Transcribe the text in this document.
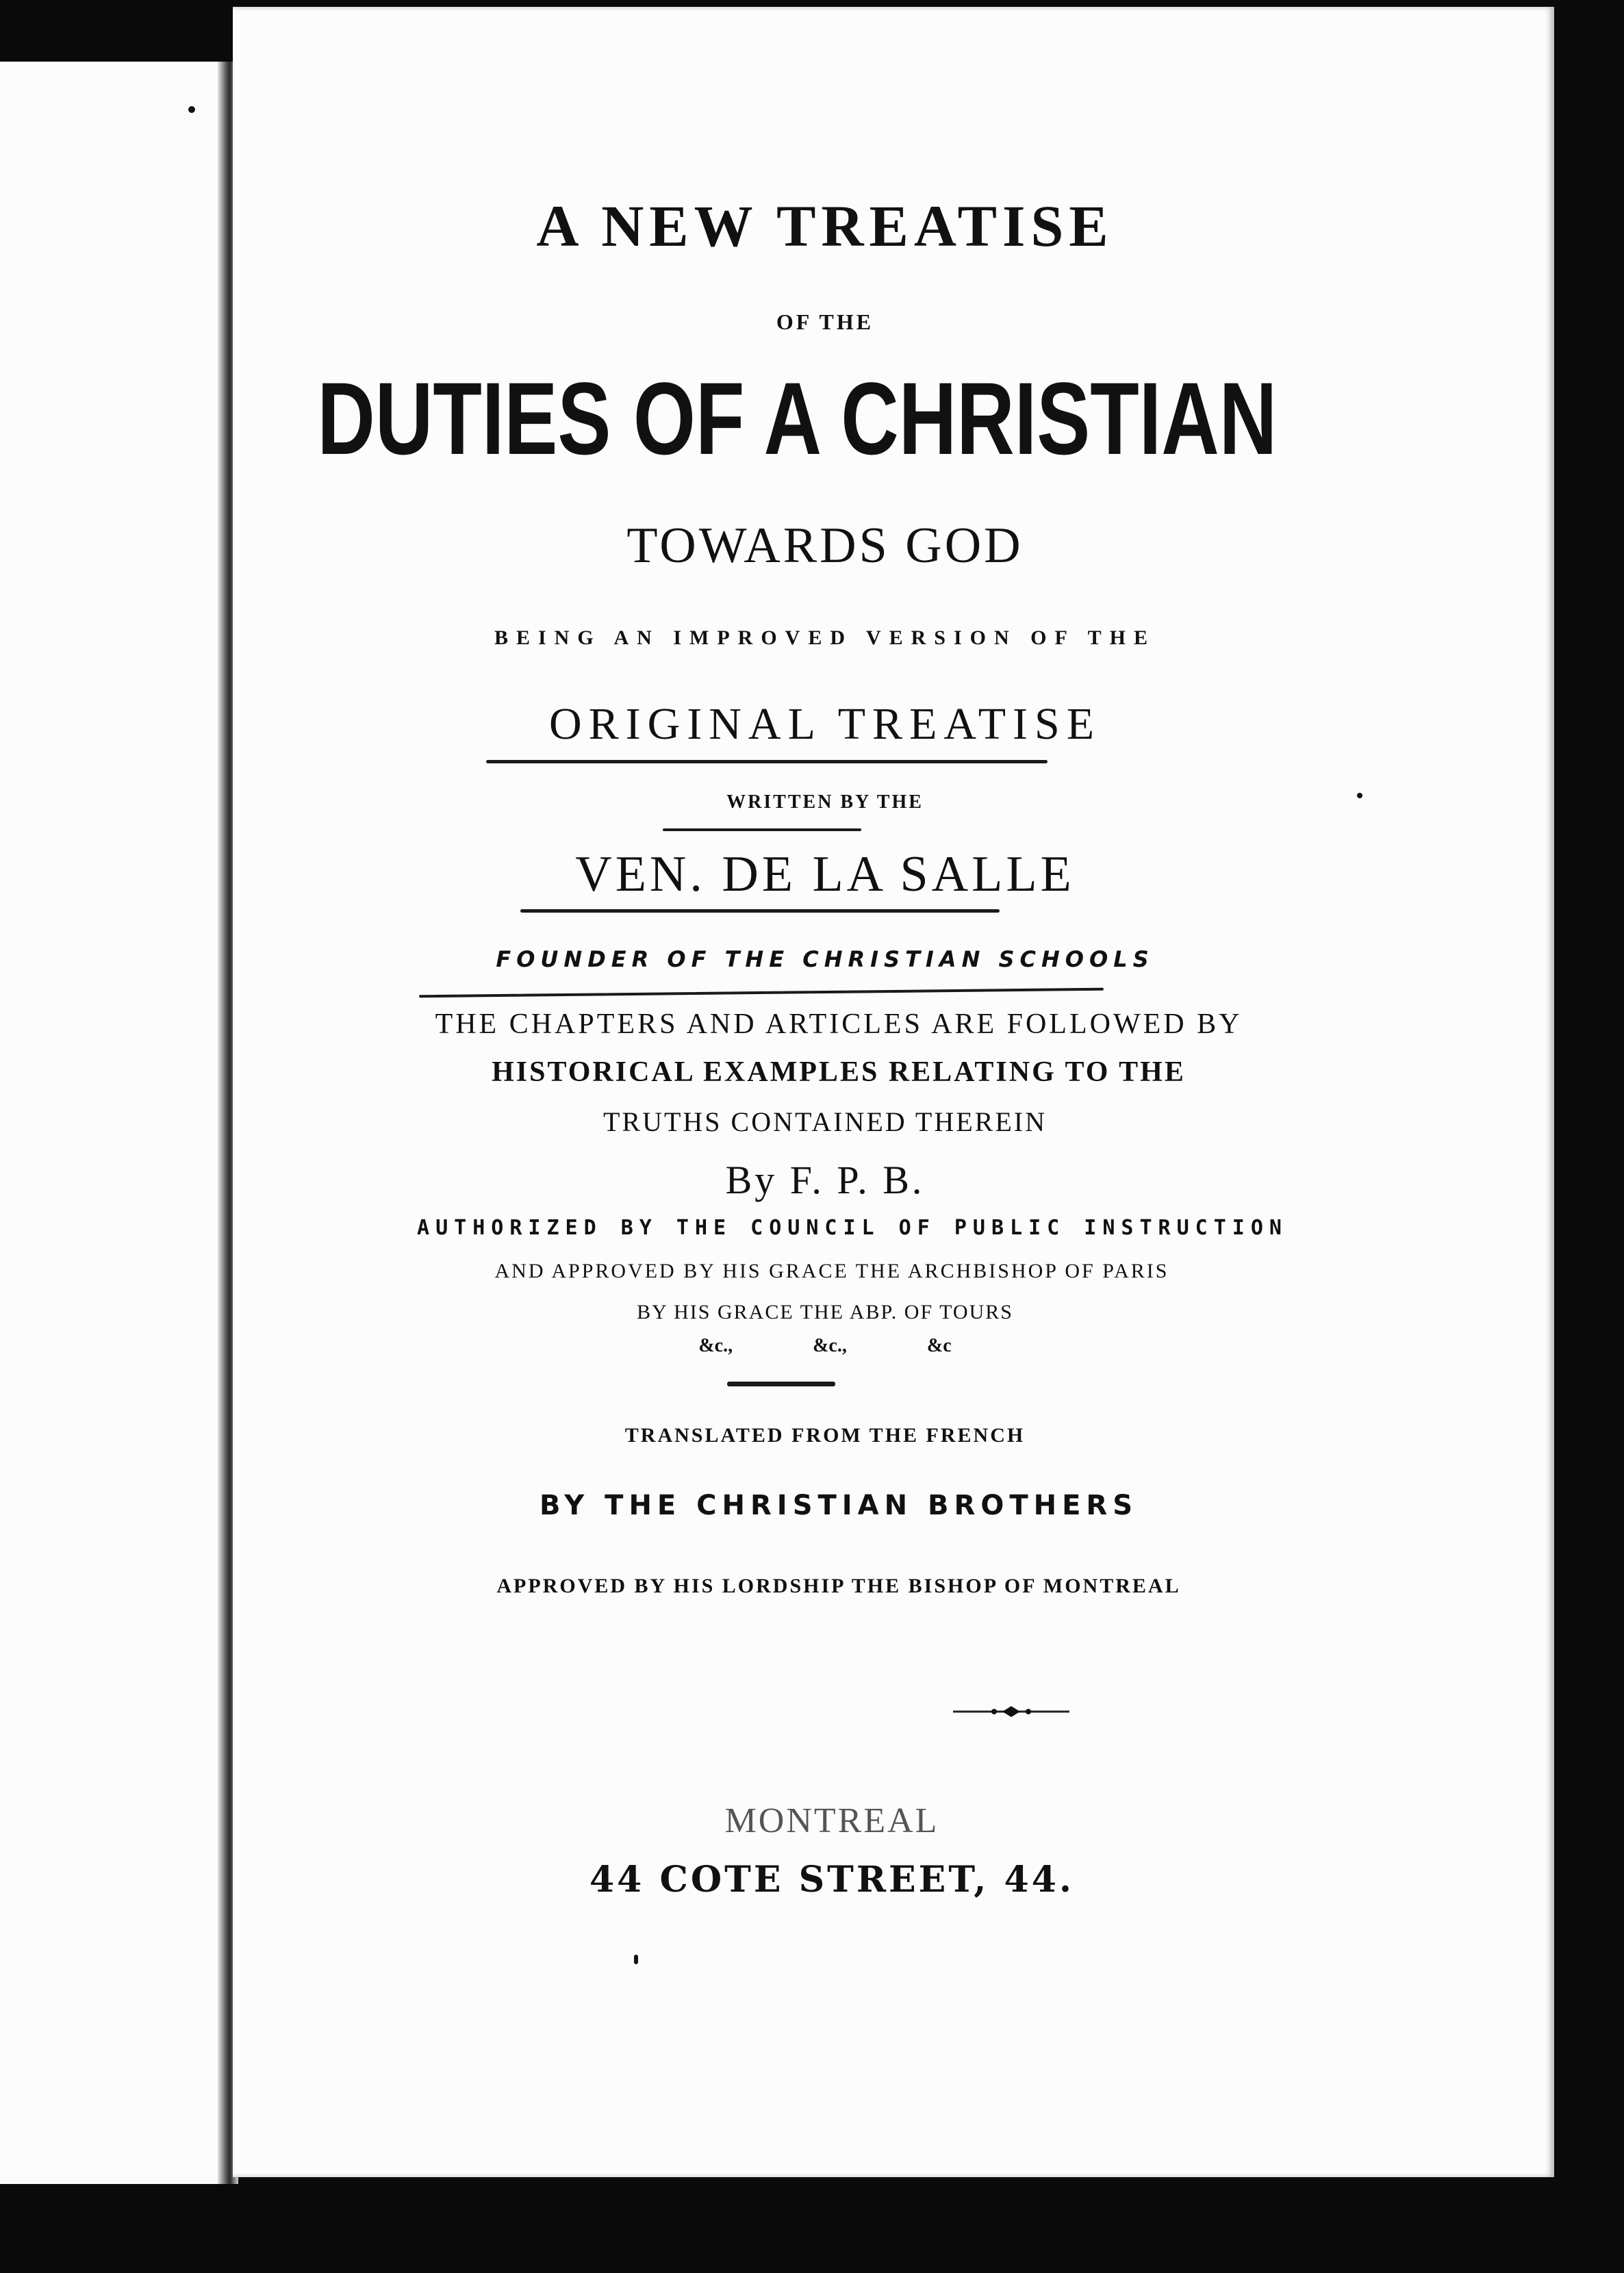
A NEW TREATISE

OF THE

DUTIES OF A CHRISTIAN

TOWARDS GOD

BEING AN IMPROVED VERSION OF THE

ORIGINAL TREATISE

WRITTEN BY THE

VEN. DE LA SALLE

FOUNDER OF THE CHRISTIAN SCHOOLS

THE CHAPTERS AND ARTICLES ARE FOLLOWED BY

HISTORICAL EXAMPLES RELATING TO THE

TRUTHS CONTAINED THEREIN

By F. P. B.

AUTHORIZED BY THE COUNCIL OF PUBLIC INSTRUCTION

AND APPROVED BY HIS GRACE THE ARCHBISHOP OF PARIS

BY HIS GRACE THE ABP. OF TOURS

&c., &c., &c

TRANSLATED FROM THE FRENCH

BY THE CHRISTIAN BROTHERS

APPROVED BY HIS LORDSHIP THE BISHOP OF MONTREAL

MONTREAL

44 COTE STREET, 44.
